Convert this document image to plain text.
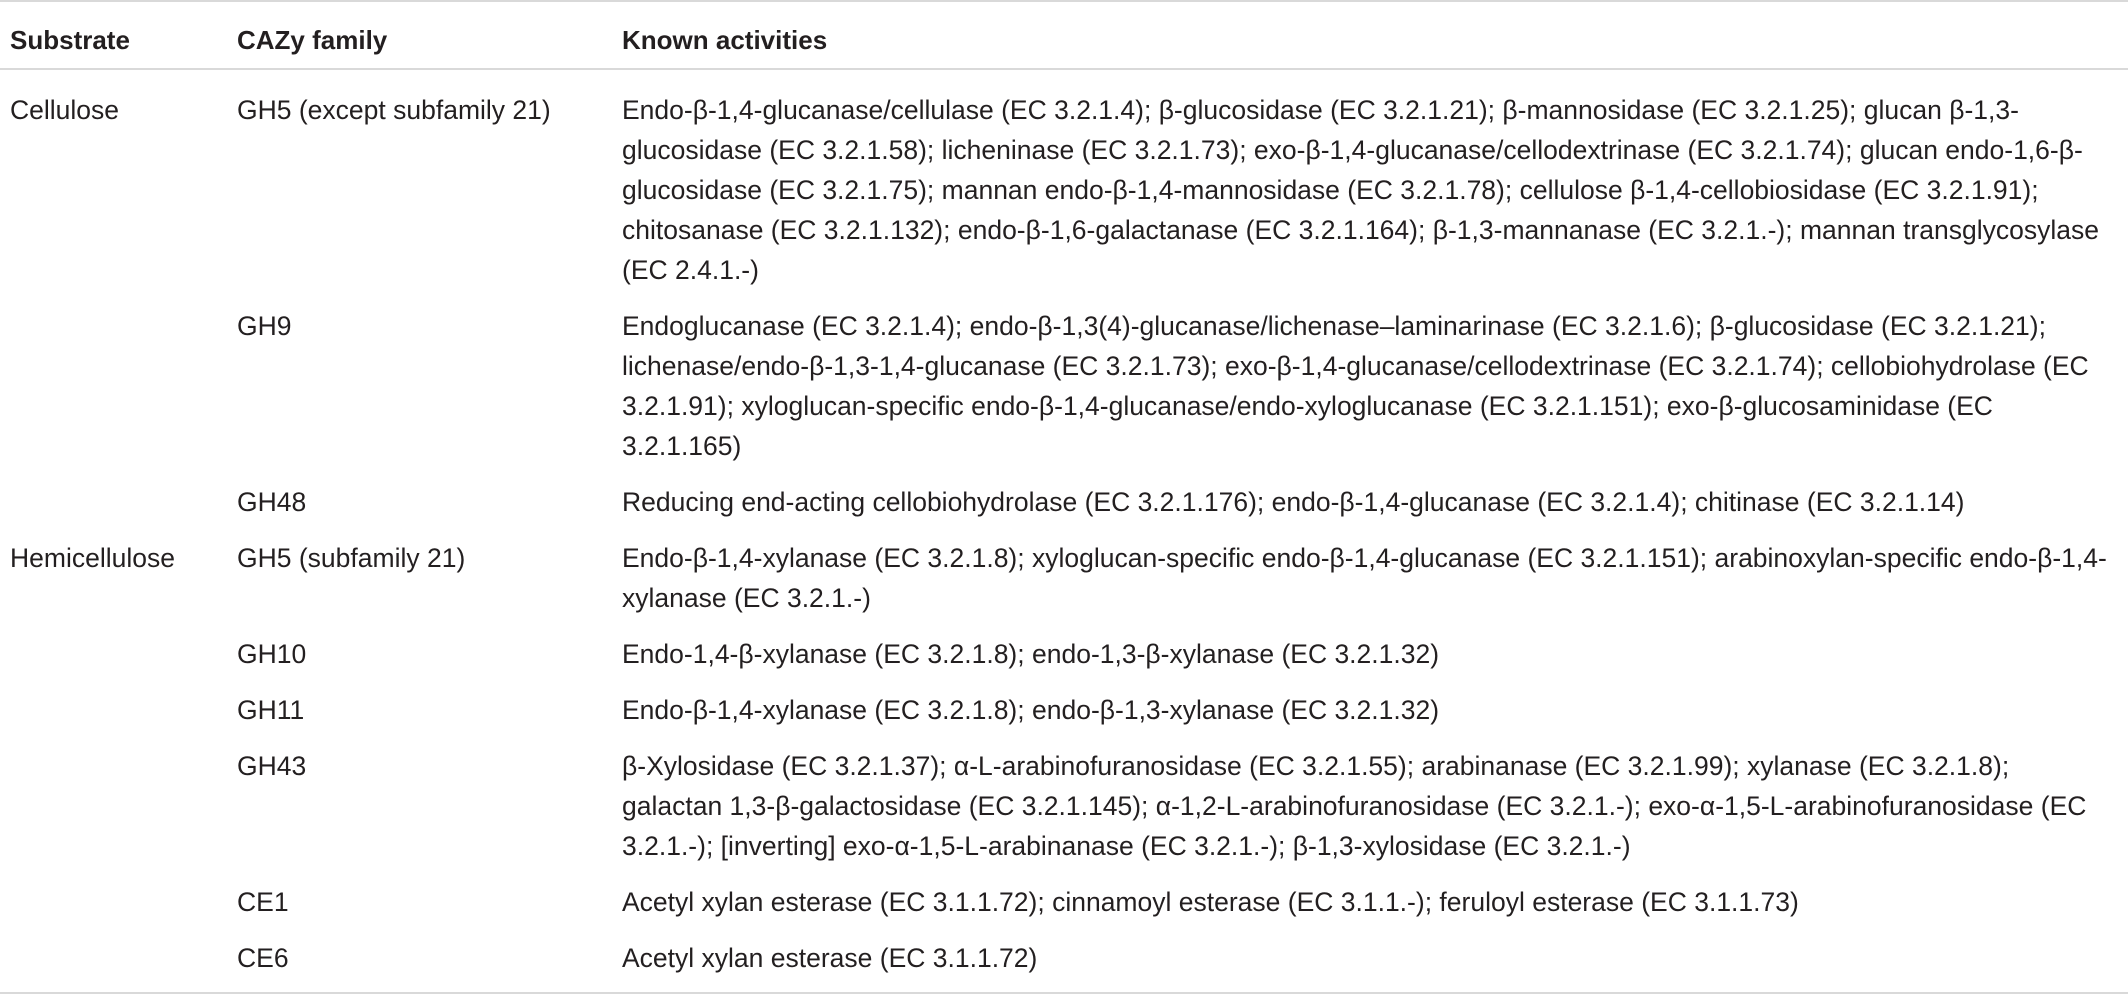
Substrate	CAZy family	Known activities
Cellulose	GH5 (except subfamily 21)	Endo-β-1,4-glucanase/cellulase (EC 3.2.1.4); β-glucosidase (EC 3.2.1.21); β-mannosidase (EC 3.2.1.25); glucan β-1,3-glucosidase (EC 3.2.1.58); licheninase (EC 3.2.1.73); exo-β-1,4-glucanase/cellodextrinase (EC 3.2.1.74); glucan endo-1,6-β-glucosidase (EC 3.2.1.75); mannan endo-β-1,4-mannosidase (EC 3.2.1.78); cellulose β-1,4-cellobiosidase (EC 3.2.1.91); chitosanase (EC 3.2.1.132); endo-β-1,6-galactanase (EC 3.2.1.164); β-1,3-mannanase (EC 3.2.1.-); mannan transglycosylase (EC 2.4.1.-)
	GH9	Endoglucanase (EC 3.2.1.4); endo-β-1,3(4)-glucanase/lichenase–laminarinase (EC 3.2.1.6); β-glucosidase (EC 3.2.1.21); lichenase/endo-β-1,3-1,4-glucanase (EC 3.2.1.73); exo-β-1,4-glucanase/cellodextrinase (EC 3.2.1.74); cellobiohydrolase (EC 3.2.1.91); xyloglucan-specific endo-β-1,4-glucanase/endo-xyloglucanase (EC 3.2.1.151); exo-β-glucosaminidase (EC 3.2.1.165)
	GH48	Reducing end-acting cellobiohydrolase (EC 3.2.1.176); endo-β-1,4-glucanase (EC 3.2.1.4); chitinase (EC 3.2.1.14)
Hemicellulose	GH5 (subfamily 21)	Endo-β-1,4-xylanase (EC 3.2.1.8); xyloglucan-specific endo-β-1,4-glucanase (EC 3.2.1.151); arabinoxylan-specific endo-β-1,4-xylanase (EC 3.2.1.-)
	GH10	Endo-1,4-β-xylanase (EC 3.2.1.8); endo-1,3-β-xylanase (EC 3.2.1.32)
	GH11	Endo-β-1,4-xylanase (EC 3.2.1.8); endo-β-1,3-xylanase (EC 3.2.1.32)
	GH43	β-Xylosidase (EC 3.2.1.37); α-L-arabinofuranosidase (EC 3.2.1.55); arabinanase (EC 3.2.1.99); xylanase (EC 3.2.1.8); galactan 1,3-β-galactosidase (EC 3.2.1.145); α-1,2-L-arabinofuranosidase (EC 3.2.1.-); exo-α-1,5-L-arabinofuranosidase (EC 3.2.1.-); [inverting] exo-α-1,5-L-arabinanase (EC 3.2.1.-); β-1,3-xylosidase (EC 3.2.1.-)
	CE1	Acetyl xylan esterase (EC 3.1.1.72); cinnamoyl esterase (EC 3.1.1.-); feruloyl esterase (EC 3.1.1.73)
	CE6	Acetyl xylan esterase (EC 3.1.1.72)
